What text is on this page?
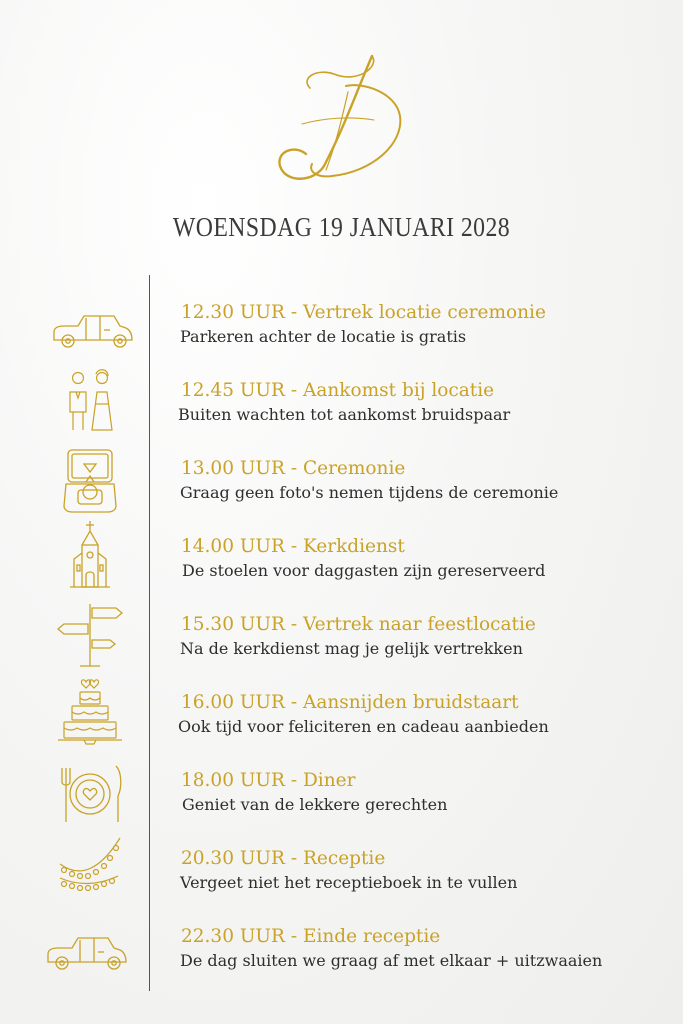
WOENSDAG 19 JANUARI 2028
12.30 UUR - Vertrek locatie ceremonie
Parkeren achter de locatie is gratis
12.45 UUR - Aankomst bij locatie
Buiten wachten tot aankomst bruidspaar
13.00 UUR - Ceremonie
Graag geen foto's nemen tijdens de ceremonie
14.00 UUR - Kerkdienst
De stoelen voor daggasten zijn gereserveerd
15.30 UUR - Vertrek naar feestlocatie
Na de kerkdienst mag je gelijk vertrekken
16.00 UUR - Aansnijden bruidstaart
Ook tijd voor feliciteren en cadeau aanbieden
18.00 UUR - Diner
Geniet van de lekkere gerechten
20.30 UUR - Receptie
Vergeet niet het receptieboek in te vullen
22.30 UUR - Einde receptie
De dag sluiten we graag af met elkaar + uitzwaaien
